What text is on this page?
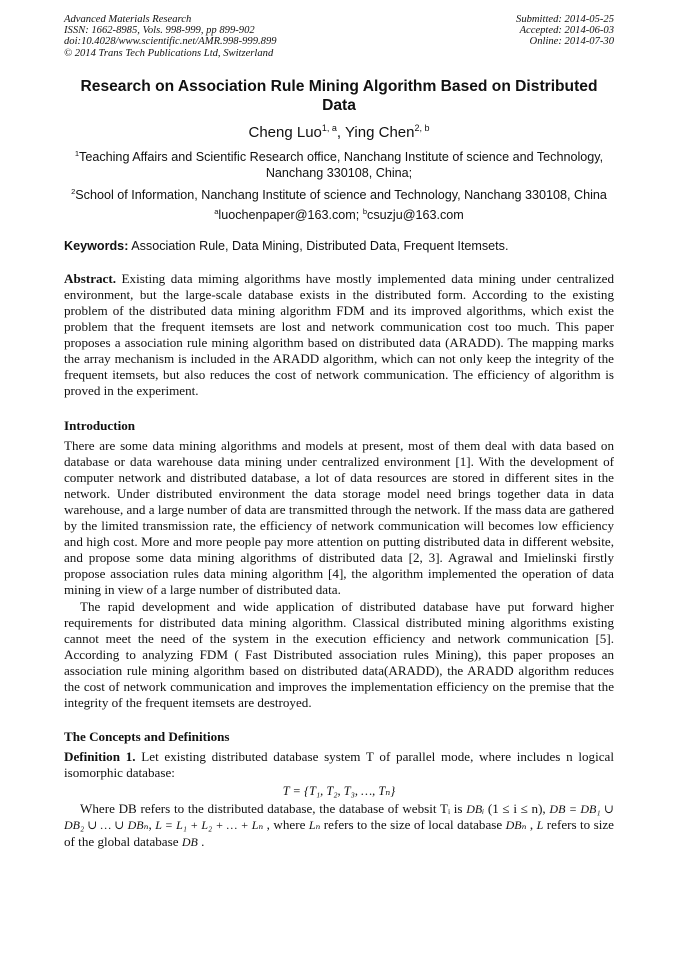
Advanced Materials Research
ISSN: 1662-8985, Vols. 998-999, pp 899-902
doi:10.4028/www.scientific.net/AMR.998-999.899
© 2014 Trans Tech Publications Ltd, Switzerland
Submitted: 2014-05-25
Accepted: 2014-06-03
Online: 2014-07-30
Research on Association Rule Mining Algorithm Based on Distributed Data
Cheng Luo$^{1, a}$, Ying Chen$^{2, b}$
$^1$Teaching Affairs and Scientific Research office, Nanchang Institute of science and Technology, Nanchang 330108, China;
$^2$School of Information, Nanchang Institute of science and Technology, Nanchang 330108, China
$^a$luochenpaper@163.com; $^b$csuzju@163.com
Keywords: Association Rule, Data Mining, Distributed Data, Frequent Itemsets.

Abstract. Existing data miming algorithms have mostly implemented data mining under centralized environment, but the large-scale database exists in the distributed form. According to the existing problem of the distributed data mining algorithm FDM and its improved algorithms, which exist the problem that the frequent itemsets are lost and network communication cost too much. This paper proposes a association rule mining algorithm based on distributed data (ARADD). The mapping marks the array mechanism is included in the ARADD algorithm, which can not only keep the integrity of the frequent itemsets, but also reduces the cost of network communication. The efficiency of algorithm is proved in the experiment.

Introduction

There are some data mining algorithms and models at present, most of them deal with data based on database or data warehouse data mining under centralized environment [1]. With the development of computer network and distributed database, a lot of data resources are stored in different sites in the network. Under distributed environment the data storage model need brings together data in data warehouse, and a large number of data are transmitted through the network. If the mass data are gathered by the limited transmission rate, the efficiency of network communication will becomes low efficiency and high cost. More and more people pay more attention on putting distributed data in different website, and propose some data mining algorithms of distributed data [2, 3]. Agrawal and Imielinski firstly propose association rules data mining algorithm [4], the algorithm implemented the operation of data mining in view of a large number of distributed data.

The rapid development and wide application of distributed database have put forward higher requirements for distributed data mining algorithm. Classical distributed mining algorithms existing cannot meet the need of the system in the execution efficiency and network communication [5]. According to analyzing FDM ( Fast Distributed association rules Mining), this paper proposes an association rule mining algorithm based on distributed data(ARADD), the ARADD algorithm reduces the cost of network communication and improves the implementation efficiency on the premise that the integrity of the frequent itemsets are destroyed.

The Concepts and Definitions

Definition 1. Let existing distributed database system T of parallel mode, where includes n logical isomorphic database:

T = {T₁, T₂, T₃, …, Tₙ}

Where DB refers to the distributed database, the database of websit Tᵢ is DBᵢ (1 ≤ i ≤ n), DB = DB₁ ∪ DB₂ ∪ … ∪ DBₙ, L = L₁ + L₂ + … + Lₙ , where Lₙ refers to the size of local database DBₙ , L refers to size of the global database DB .
